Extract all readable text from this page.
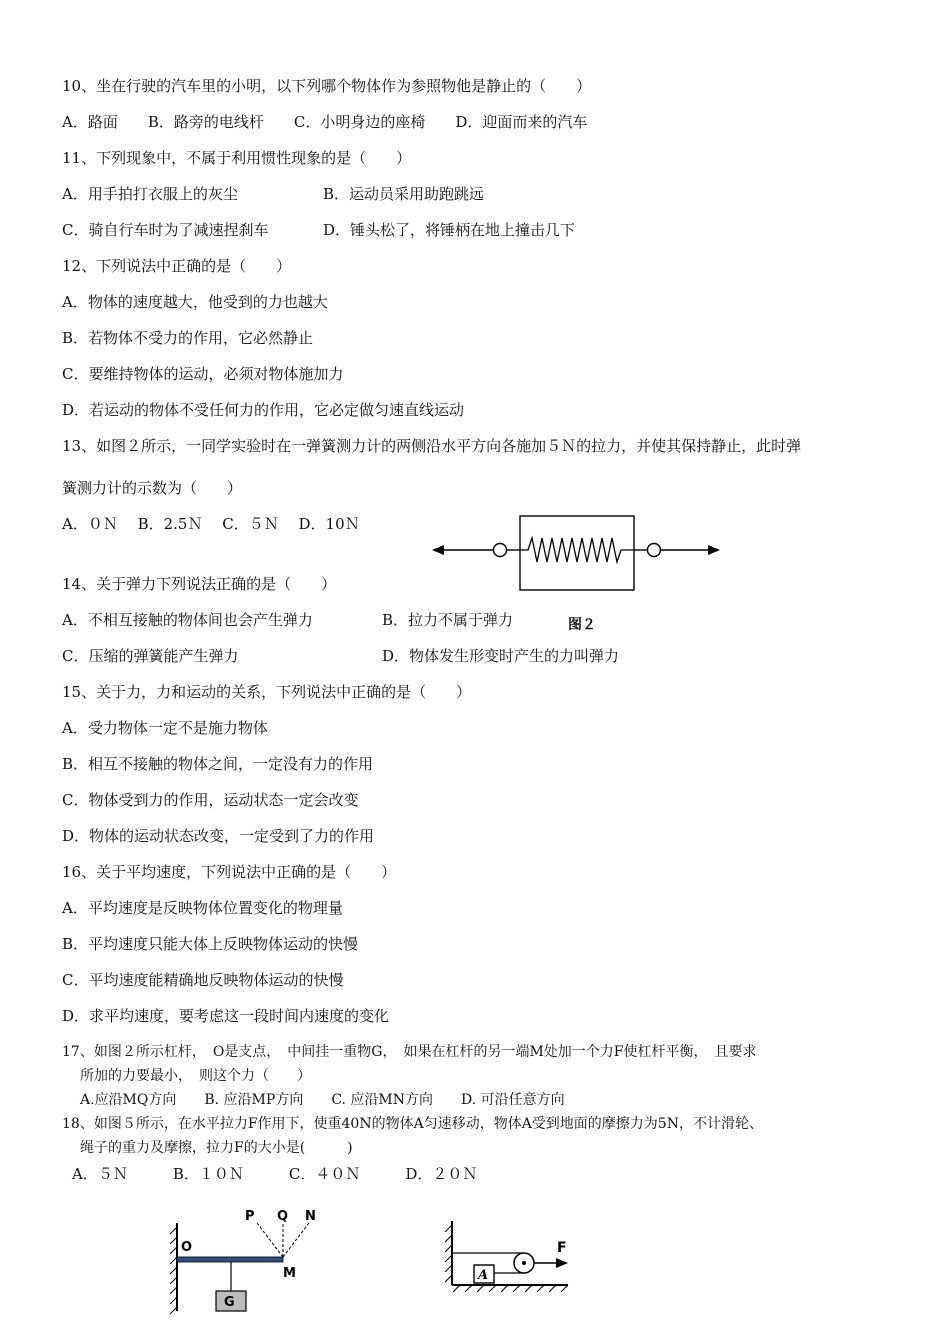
10、坐在行驶的汽车里的小明，以下列哪个物体作为参照物他是静止的（　　）
A．路面　　B．路旁的电线杆　　C．小明身边的座椅　　D．迎面而来的汽车
11、下列现象中，不属于利用惯性现象的是（　　）
A．用手拍打衣服上的灰尘	B．运动员采用助跑跳远
C．骑自行车时为了减速捏刹车	D．锤头松了，将锤柄在地上撞击几下
12、下列说法中正确的是（　　）
A．物体的速度越大，他受到的力也越大
B．若物体不受力的作用，它必然静止
C．要维持物体的运动，必须对物体施加力
D．若运动的物体不受任何力的作用，它必定做匀速直线运动
13、如图２所示，一同学实验时在一弹簧测力计的两侧沿水平方向各施加５Ｎ的拉力，并使其保持静止，此时弹
簧测力计的示数为（　　）
A．０Ｎ　 B．2.5Ｎ　 C．５Ｎ　 D．10Ｎ
14、关于弹力下列说法正确的是（　　）
A．不相互接触的物体间也会产生弹力	B．拉力不属于弹力	图２
C．压缩的弹簧能产生弹力	D．物体发生形变时产生的力叫弹力
15、关于力，力和运动的关系，下列说法中正确的是（　　）
A．受力物体一定不是施力物体
B．相互不接触的物体之间，一定没有力的作用
C．物体受到力的作用，运动状态一定会改变
D．物体的运动状态改变，一定受到了力的作用
16、关于平均速度，下列说法中正确的是（　　）
A．平均速度是反映物体位置变化的物理量
B．平均速度只能大体上反映物体运动的快慢
C．平均速度能精确地反映物体运动的快慢
D．求平均速度，要考虑这一段时间内速度的变化
17、如图２所示杠杆，　O是支点，　中间挂一重物G，　如果在杠杆的另一端M处加一个力F使杠杆平衡，　且要求
所加的力要最小，　则这个力（　　）
A.应沿MQ方向　　B. 应沿MP方向　　C. 应沿MN方向　　D. 可沿任意方向
18、如图５所示，在水平拉力F作用下，使重40N的物体A匀速移动，物体A受到地面的摩擦力为5N，不计滑轮、
绳子的重力及摩擦，拉力F的大小是(　　　)
A．５Ｎ　　　B．１０Ｎ　　　C．４０Ｎ　　　D．２０Ｎ
G
O
P Q N
M	A
F
